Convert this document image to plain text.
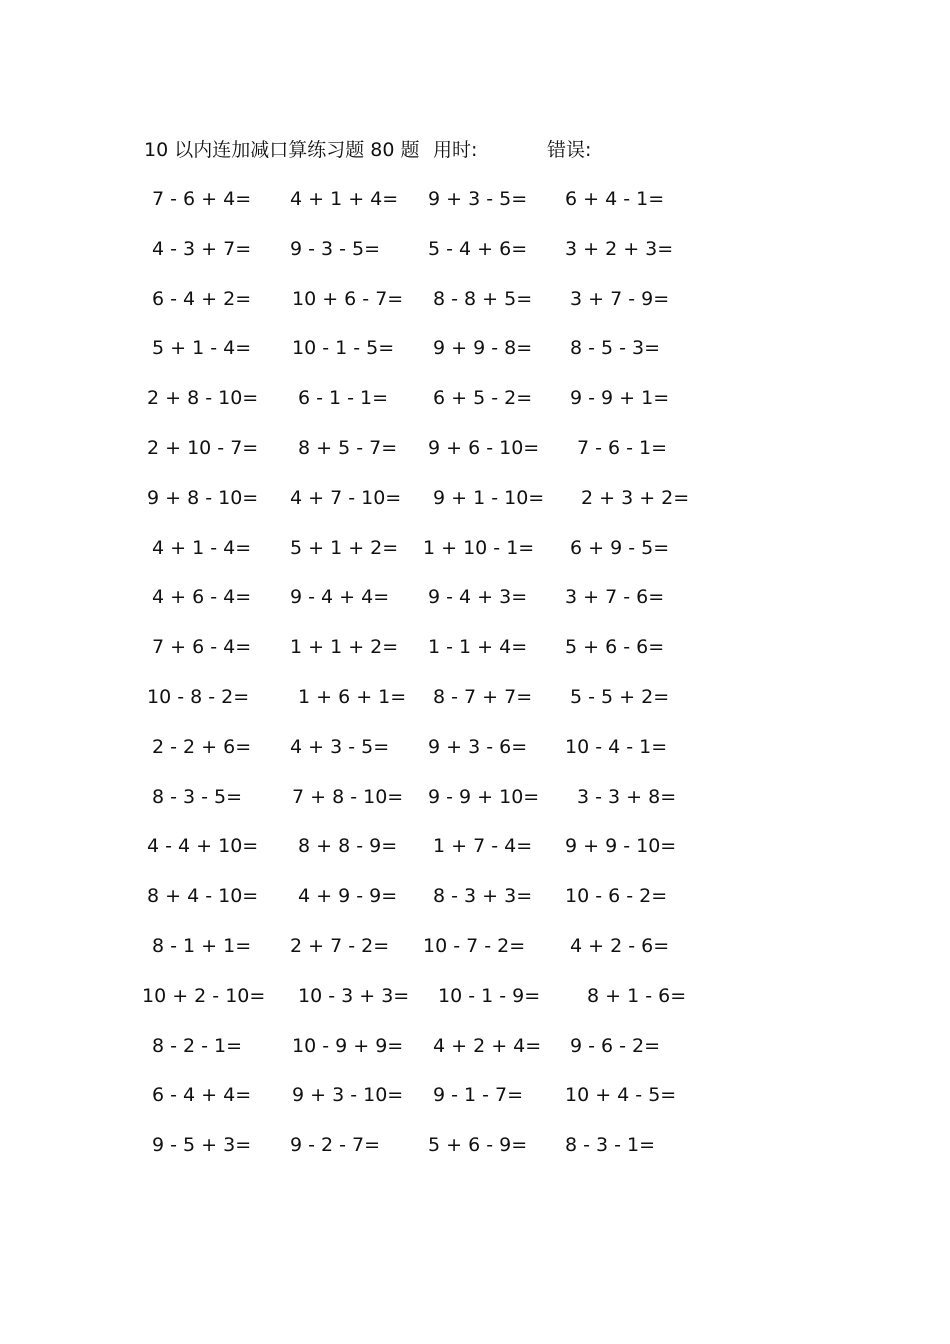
10 以内连加减口算练习题 80 题 用时:	错误:
7 - 6 + 4= 4 + 1 + 4= 9 + 3 - 5= 6 + 4 - 1=
4 - 3 + 7= 9 - 3 - 5=	5 - 4 + 6= 3 + 2 + 3=
6 - 4 + 2= 10 + 6 - 7= 8 - 8 + 5= 3 + 7 - 9=
5 + 1 - 4= 10 - 1 - 5= 9 + 9 - 8= 8 - 5 - 3=
2 + 8 - 10= 6 - 1 - 1= 6 + 5 - 2= 9 - 9 + 1=
2 + 10 - 7= 8 + 5 - 7= 9 + 6 - 10= 7 - 6 - 1=
9 + 8 - 10= 4 + 7 - 10= 9 + 1 - 10= 2 + 3 + 2=
4 + 1 - 4= 5 + 1 + 2= 1 + 10 - 1= 6 + 9 - 5=
4 + 6 - 4= 9 - 4 + 4= 9 - 4 + 3= 3 + 7 - 6=
7 + 6 - 4= 1 + 1 + 2= 1 - 1 + 4= 5 + 6 - 6=
10 - 8 - 2=	1 + 6 + 1= 8 - 7 + 7= 5 - 5 + 2=
2 - 2 + 6= 4 + 3 - 5= 9 + 3 - 6= 10 - 4 - 1=
8 - 3 - 5=	7 + 8 - 10= 9 - 9 + 10= 3 - 3 + 8=
4 - 4 + 10= 8 + 8 - 9= 1 + 7 - 4= 9 + 9 - 10=
8 + 4 - 10= 4 + 9 - 9= 8 - 3 + 3= 10 - 6 - 2=
8 - 1 + 1= 2 + 7 - 2= 10 - 7 - 2= 4 + 2 - 6=
10 + 2 - 10= 10 - 3 + 3= 10 - 1 - 9= 8 + 1 - 6=
8 - 2 - 1=	10 - 9 + 9= 4 + 2 + 4= 9 - 6 - 2=
6 - 4 + 4= 9 + 3 - 10= 9 - 1 - 7= 10 + 4 - 5=
9 - 5 + 3= 9 - 2 - 7=	5 + 6 - 9= 8 - 3 - 1=
